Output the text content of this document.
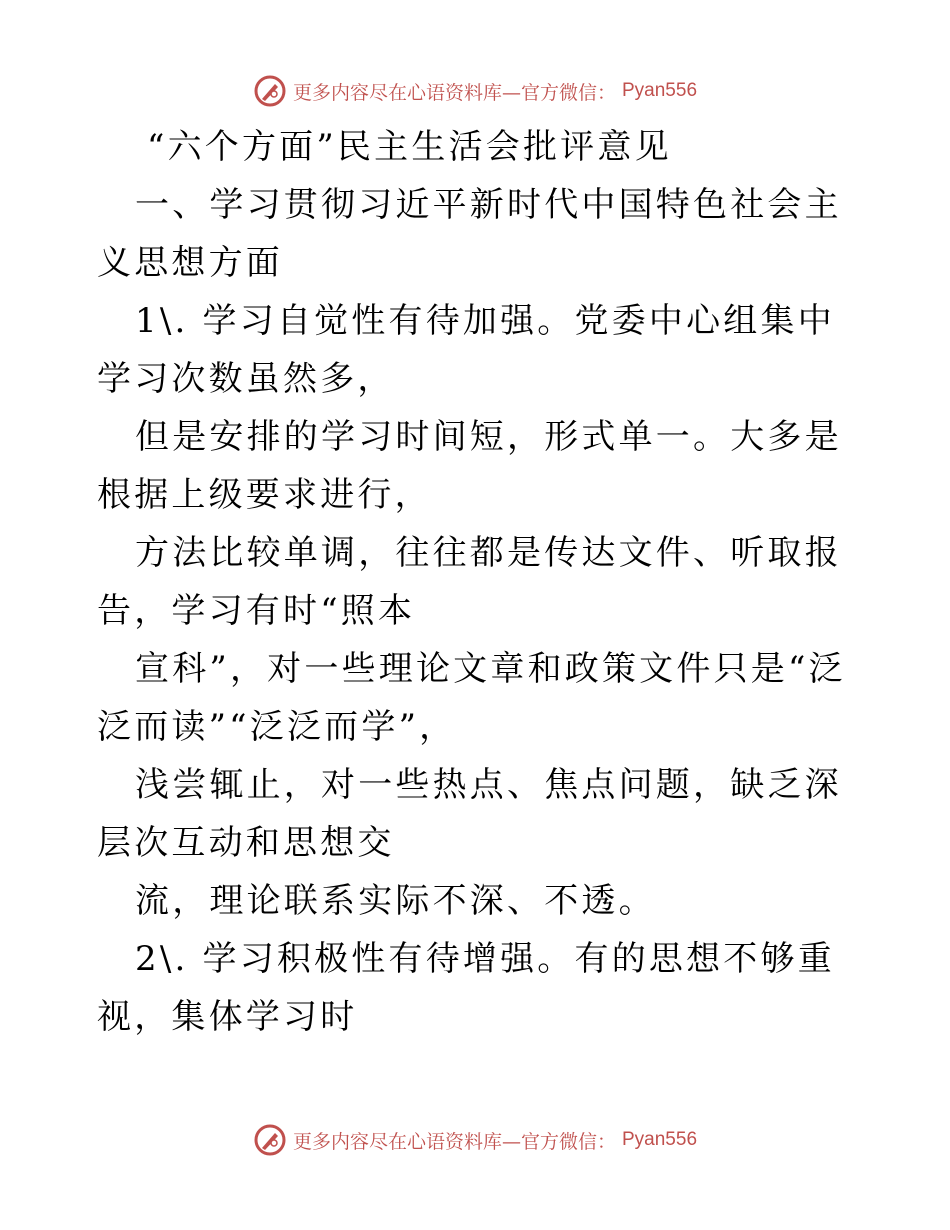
更多内容尽在心语资料库—官方微信： Pyan556

“六个方面”民主生活会批评意见

一、学习贯彻习近平新时代中国特色社会主义思想方面

1\. 学习自觉性有待加强。党委中心组集中学习次数虽然多，

但是安排的学习时间短，形式单一。大多是根据上级要求进行，

方法比较单调，往往都是传达文件、听取报告，学习有时“照本

宣科”，对一些理论文章和政策文件只是“泛泛而读”“泛泛而学”，

浅尝辄止，对一些热点、焦点问题，缺乏深层次互动和思想交

流，理论联系实际不深、不透。

2\. 学习积极性有待增强。有的思想不够重视，集体学习时

更多内容尽在心语资料库—官方微信： Pyan556
